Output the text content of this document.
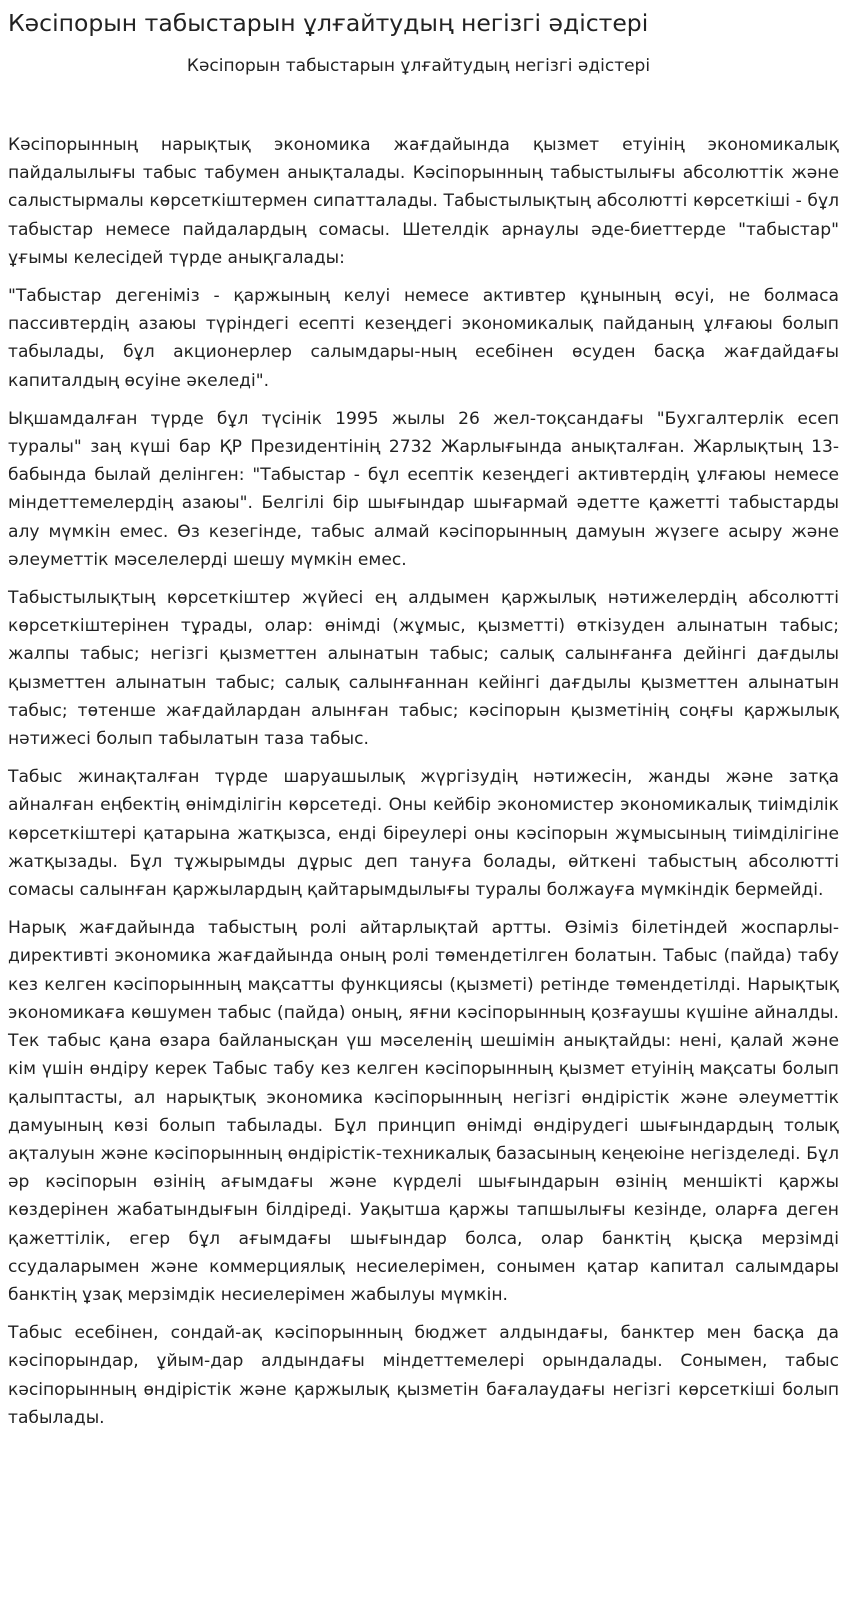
Кәсіпорын табыстарын ұлғайтудың негізгі әдістері
Кәсіпорын табыстарын ұлғайтудың негізгі әдістері

Кәсіпорынның нарықтық экономика жағдайында қызмет етуінің экономикалық пайдалылығы табыс табумен анықталады. Кәсіпорынның табыстылығы абсолюттік және салыстырмалы көрсеткіштермен сипатталады. Табыстылықтың абсолютті көрсеткіші - бұл табыстар немесе пайдалардың сомасы. Шетелдік арнаулы әде-биеттерде "табыстар" ұғымы келесідей түрде анықгалады:

"Табыстар дегеніміз - қаржының келуі немесе активтер құнының өсуі, не болмаса пассивтердің азаюы түріндегі есепті кезеңдегі экономикалық пайданың ұлғаюы болып табылады, бұл акционерлер салымдары-ның есебінен өсуден басқа жағдайдағы капиталдың өсуіне әкеледі".

Ықшамдалған түрде бұл түсінік 1995 жылы 26 жел-тоқсандағы "Бухгалтерлік есеп туралы" заң күші бар ҚР Президентінің 2732 Жарлығында анықталған. Жарлықтың 13-бабында былай делінген: "Табыстар - бұл есептік кезеңдегі активтердің ұлғаюы немесе міндеттемелердің азаюы". Белгілі бір шығындар шығармай әдетте қажетті табыстарды алу мүмкін емес. Өз кезегінде, табыс алмай кәсіпорынның дамуын жүзеге асыру және әлеуметтік мәселелерді шешу мүмкін емес.

Табыстылықтың көрсеткіштер жүйесі ең алдымен қаржылық нәтижелердің абсолютті көрсеткіштерінен тұрады, олар: өнімді (жұмыс, қызметті) өткізуден алынатын табыс; жалпы табыс; негізгі қызметтен алынатын табыс; салық салынғанға дейінгі дағдылы қызметтен алынатын табыс; салық салынғаннан кейінгі дағдылы қызметтен алынатын табыс; төтенше жағдайлардан алынған табыс; кәсіпорын қызметінің соңғы қаржылық нәтижесі болып табылатын таза табыс.

Табыс жинақталған түрде шаруашылық жүргізудің нәтижесін, жанды және затқа айналған еңбектің өнімділігін көрсетеді. Оны кейбір экономистер экономикалық тиімділік көрсеткіштері қатарына жатқызса, енді біреулері оны кәсіпорын жұмысының тиімділігіне жатқызады. Бұл тұжырымды дұрыс деп тануға болады, өйткені табыстың абсолютті сомасы салынған қаржылардың қайтарымдылығы туралы болжауға мүмкіндік бермейді.

Нарық жағдайында табыстың ролі айтарлықтай артты. Өзіміз білетіндей жоспарлы-директивті экономика жағдайында оның ролі төмендетілген болатын. Табыс (пайда) табу кез келген кәсіпорынның мақсатты функциясы (қызметі) ретінде төмендетілді. Нарықтық экономикаға көшумен табыс (пайда) оның, яғни кәсіпорынның қозғаушы күшіне айналды. Тек табыс қана өзара байланысқан үш мәселенің шешімін анықтайды: нені, қалай және кім үшін өндіру керек Табыс табу кез келген кәсіпорынның қызмет етуінің мақсаты болып қалыптасты, ал нарықтық экономика кәсіпорынның негізгі өндірістік және әлеуметтік дамуының көзі болып табылады. Бұл принцип өнімді өндірудегі шығындардың толық ақталуын және кәсіпорынның өндірістік-техникалық базасының кеңеюіне негізделеді. Бұл әр кәсіпорын өзінің ағымдағы және күрделі шығындарын өзінің меншікті қаржы көздерінен жабатындығын білдіреді. Уақытша қаржы тапшылығы кезінде, оларға деген қажеттілік, егер бұл ағымдағы шығындар болса, олар банктің қысқа мерзімді ссудаларымен және коммерциялық несиелерімен, сонымен қатар капитал салымдары банктің ұзақ мерзімдік несиелерімен жабылуы мүмкін.

Табыс есебінен, сондай-ақ кәсіпорынның бюджет алдындағы, банктер мен басқа да кәсіпорындар, ұйым-дар алдындағы міндеттемелері орындалады. Сонымен, табыс кәсіпорынның өндірістік және қаржылық қызметін бағалаудағы негізгі көрсеткіші болып табылады.
